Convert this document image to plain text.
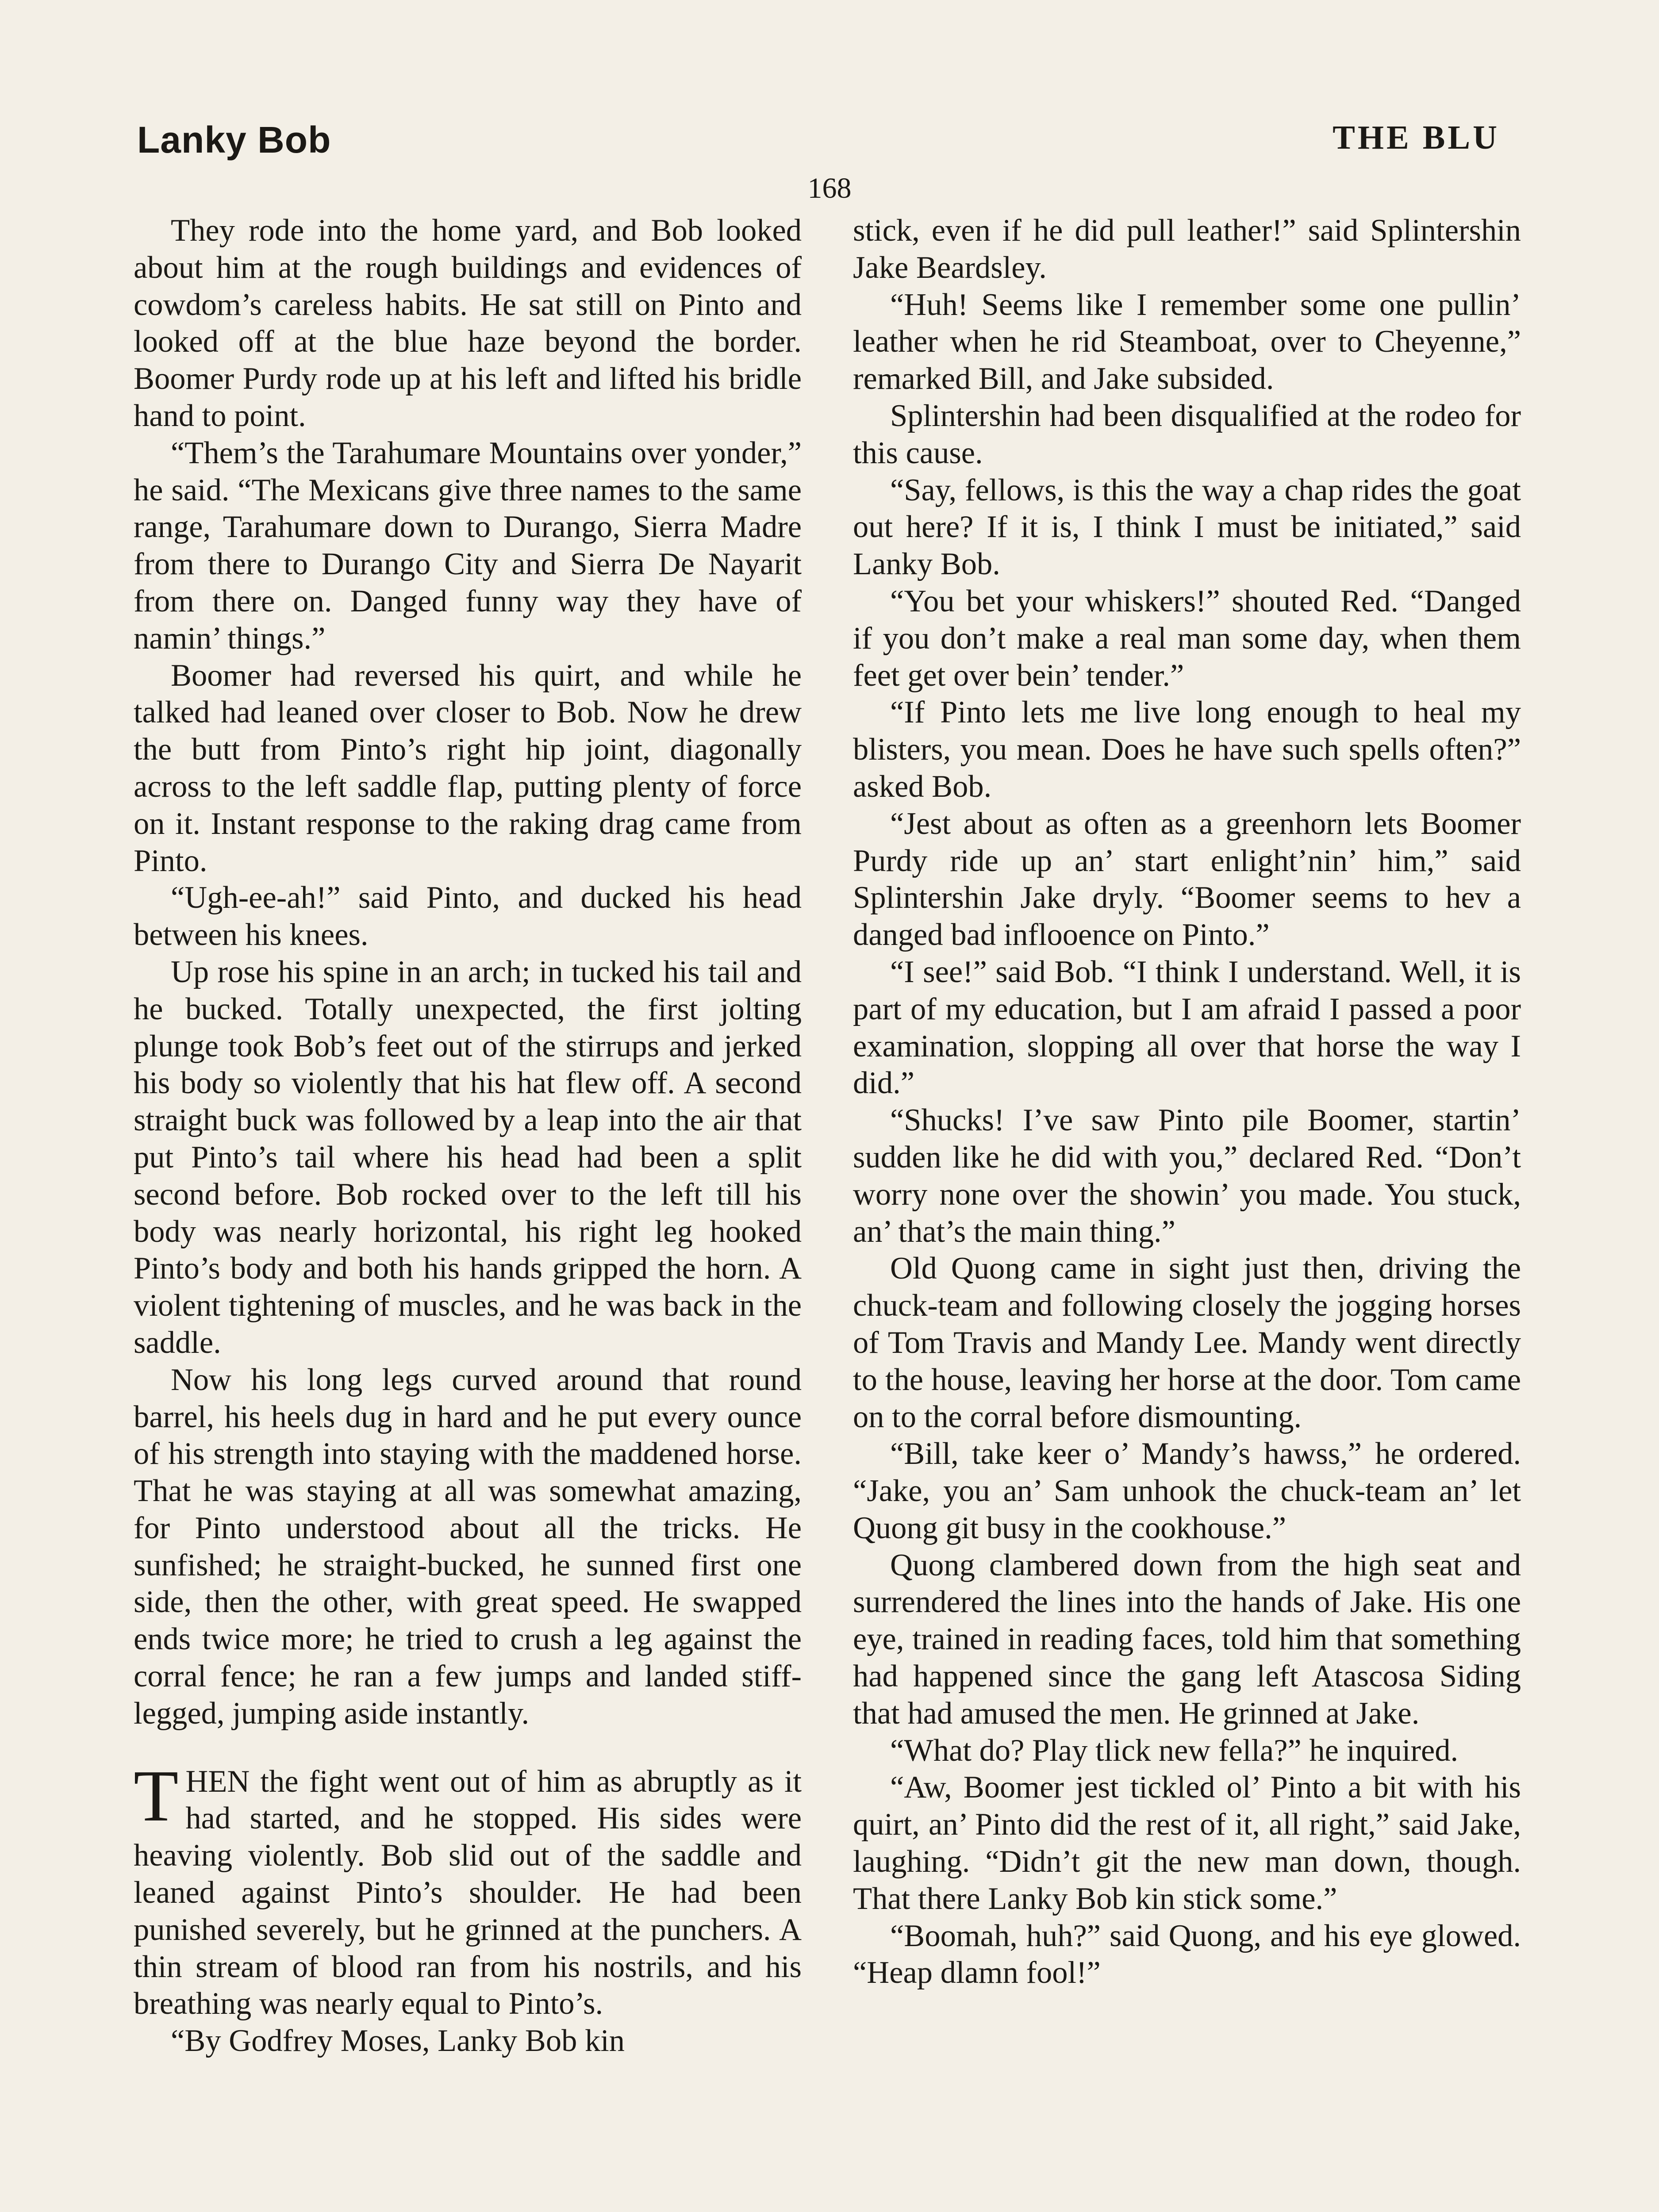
Lanky Bob	THE BLU
168

They rode into the home yard, and Bob looked about him at the rough buildings and evidences of cowdom’s careless habits. He sat still on Pinto and looked off at the blue haze beyond the border. Boomer Purdy rode up at his left and lifted his bridle hand to point.

“Them’s the Tarahumare Mountains over yonder,” he said. “The Mexicans give three names to the same range, Tarahumare down to Durango, Sierra Madre from there to Durango City and Sierra De Nayarit from there on. Danged funny way they have of namin’ things.”

Boomer had reversed his quirt, and while he talked had leaned over closer to Bob. Now he drew the butt from Pinto’s right hip joint, diagonally across to the left saddle flap, putting plenty of force on it. Instant response to the raking drag came from Pinto.

“Ugh-ee-ah!” said Pinto, and ducked his head between his knees.

Up rose his spine in an arch; in tucked his tail and he bucked. Totally unexpected, the first jolting plunge took Bob’s feet out of the stirrups and jerked his body so violently that his hat flew off. A second straight buck was followed by a leap into the air that put Pinto’s tail where his head had been a split second before. Bob rocked over to the left till his body was nearly horizontal, his right leg hooked Pinto’s body and both his hands gripped the horn. A violent tightening of muscles, and he was back in the saddle.

Now his long legs curved around that round barrel, his heels dug in hard and he put every ounce of his strength into staying with the maddened horse. That he was staying at all was somewhat amazing, for Pinto understood about all the tricks. He sunfished; he straight-bucked, he sunned first one side, then the other, with great speed. He swapped ends twice more; he tried to crush a leg against the corral fence; he ran a few jumps and landed stiff-legged, jumping aside instantly.

THEN the fight went out of him as abruptly as it had started, and he stopped. His sides were heaving violently. Bob slid out of the saddle and leaned against Pinto’s shoulder. He had been punished severely, but he grinned at the punchers. A thin stream of blood ran from his nostrils, and his breathing was nearly equal to Pinto’s.

“By Godfrey Moses, Lanky Bob kin

stick, even if he did pull leather!” said Splintershin Jake Beardsley.

“Huh! Seems like I remember some one pullin’ leather when he rid Steamboat, over to Cheyenne,” remarked Bill, and Jake subsided.

Splintershin had been disqualified at the rodeo for this cause.

“Say, fellows, is this the way a chap rides the goat out here? If it is, I think I must be initiated,” said Lanky Bob.

“You bet your whiskers!” shouted Red. “Danged if you don’t make a real man some day, when them feet get over bein’ tender.”

“If Pinto lets me live long enough to heal my blisters, you mean. Does he have such spells often?” asked Bob.

“Jest about as often as a greenhorn lets Boomer Purdy ride up an’ start enlight’nin’ him,” said Splintershin Jake dryly. “Boomer seems to hev a danged bad inflooence on Pinto.”

“I see!” said Bob. “I think I understand. Well, it is part of my education, but I am afraid I passed a poor examination, slopping all over that horse the way I did.”

“Shucks! I’ve saw Pinto pile Boomer, startin’ sudden like he did with you,” declared Red. “Don’t worry none over the showin’ you made. You stuck, an’ that’s the main thing.”

Old Quong came in sight just then, driving the chuck-team and following closely the jogging horses of Tom Travis and Mandy Lee. Mandy went directly to the house, leaving her horse at the door. Tom came on to the corral before dismounting.

“Bill, take keer o’ Mandy’s hawss,” he ordered. “Jake, you an’ Sam unhook the chuck-team an’ let Quong git busy in the cookhouse.”

Quong clambered down from the high seat and surrendered the lines into the hands of Jake. His one eye, trained in reading faces, told him that something had happened since the gang left Atascosa Siding that had amused the men. He grinned at Jake.

“What do? Play tlick new fella?” he inquired.

“Aw, Boomer jest tickled ol’ Pinto a bit with his quirt, an’ Pinto did the rest of it, all right,” said Jake, laughing. “Didn’t git the new man down, though. That there Lanky Bob kin stick some.”

“Boomah, huh?” said Quong, and his eye glowed. “Heap dlamn fool!”
